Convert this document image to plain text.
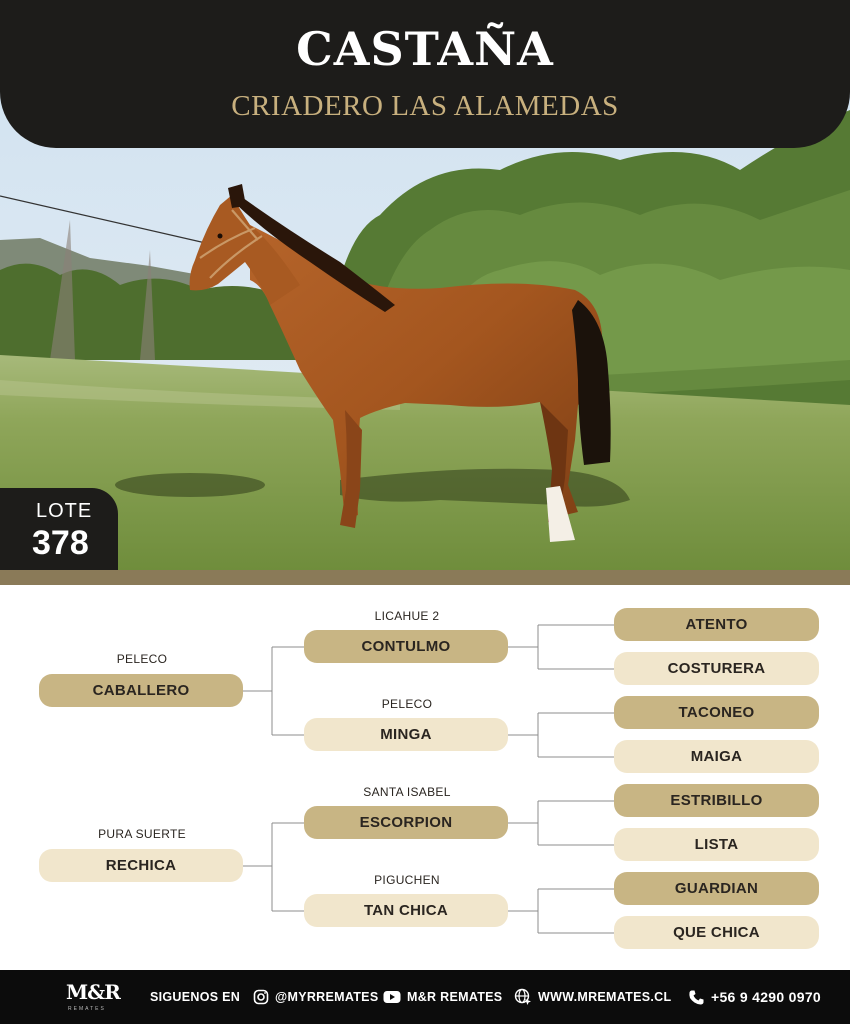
CASTAÑA
CRIADERO LAS ALAMEDAS
LOTE
378
PELECO
CABALLERO
PURA SUERTE
RECHICA
LICAHUE 2
CONTULMO
PELECO
MINGA
SANTA ISABEL
ESCORPION
PIGUCHEN
TAN CHICA
ATENTO
COSTURERA
TACONEO
MAIGA
ESTRIBILLO
LISTA
GUARDIAN
QUE CHICA
M&R
REMATES
SIGUENOS EN	@MYRREMATES M&R REMATES	WWW.MREMATES.CL	+56 9 4290 0970
